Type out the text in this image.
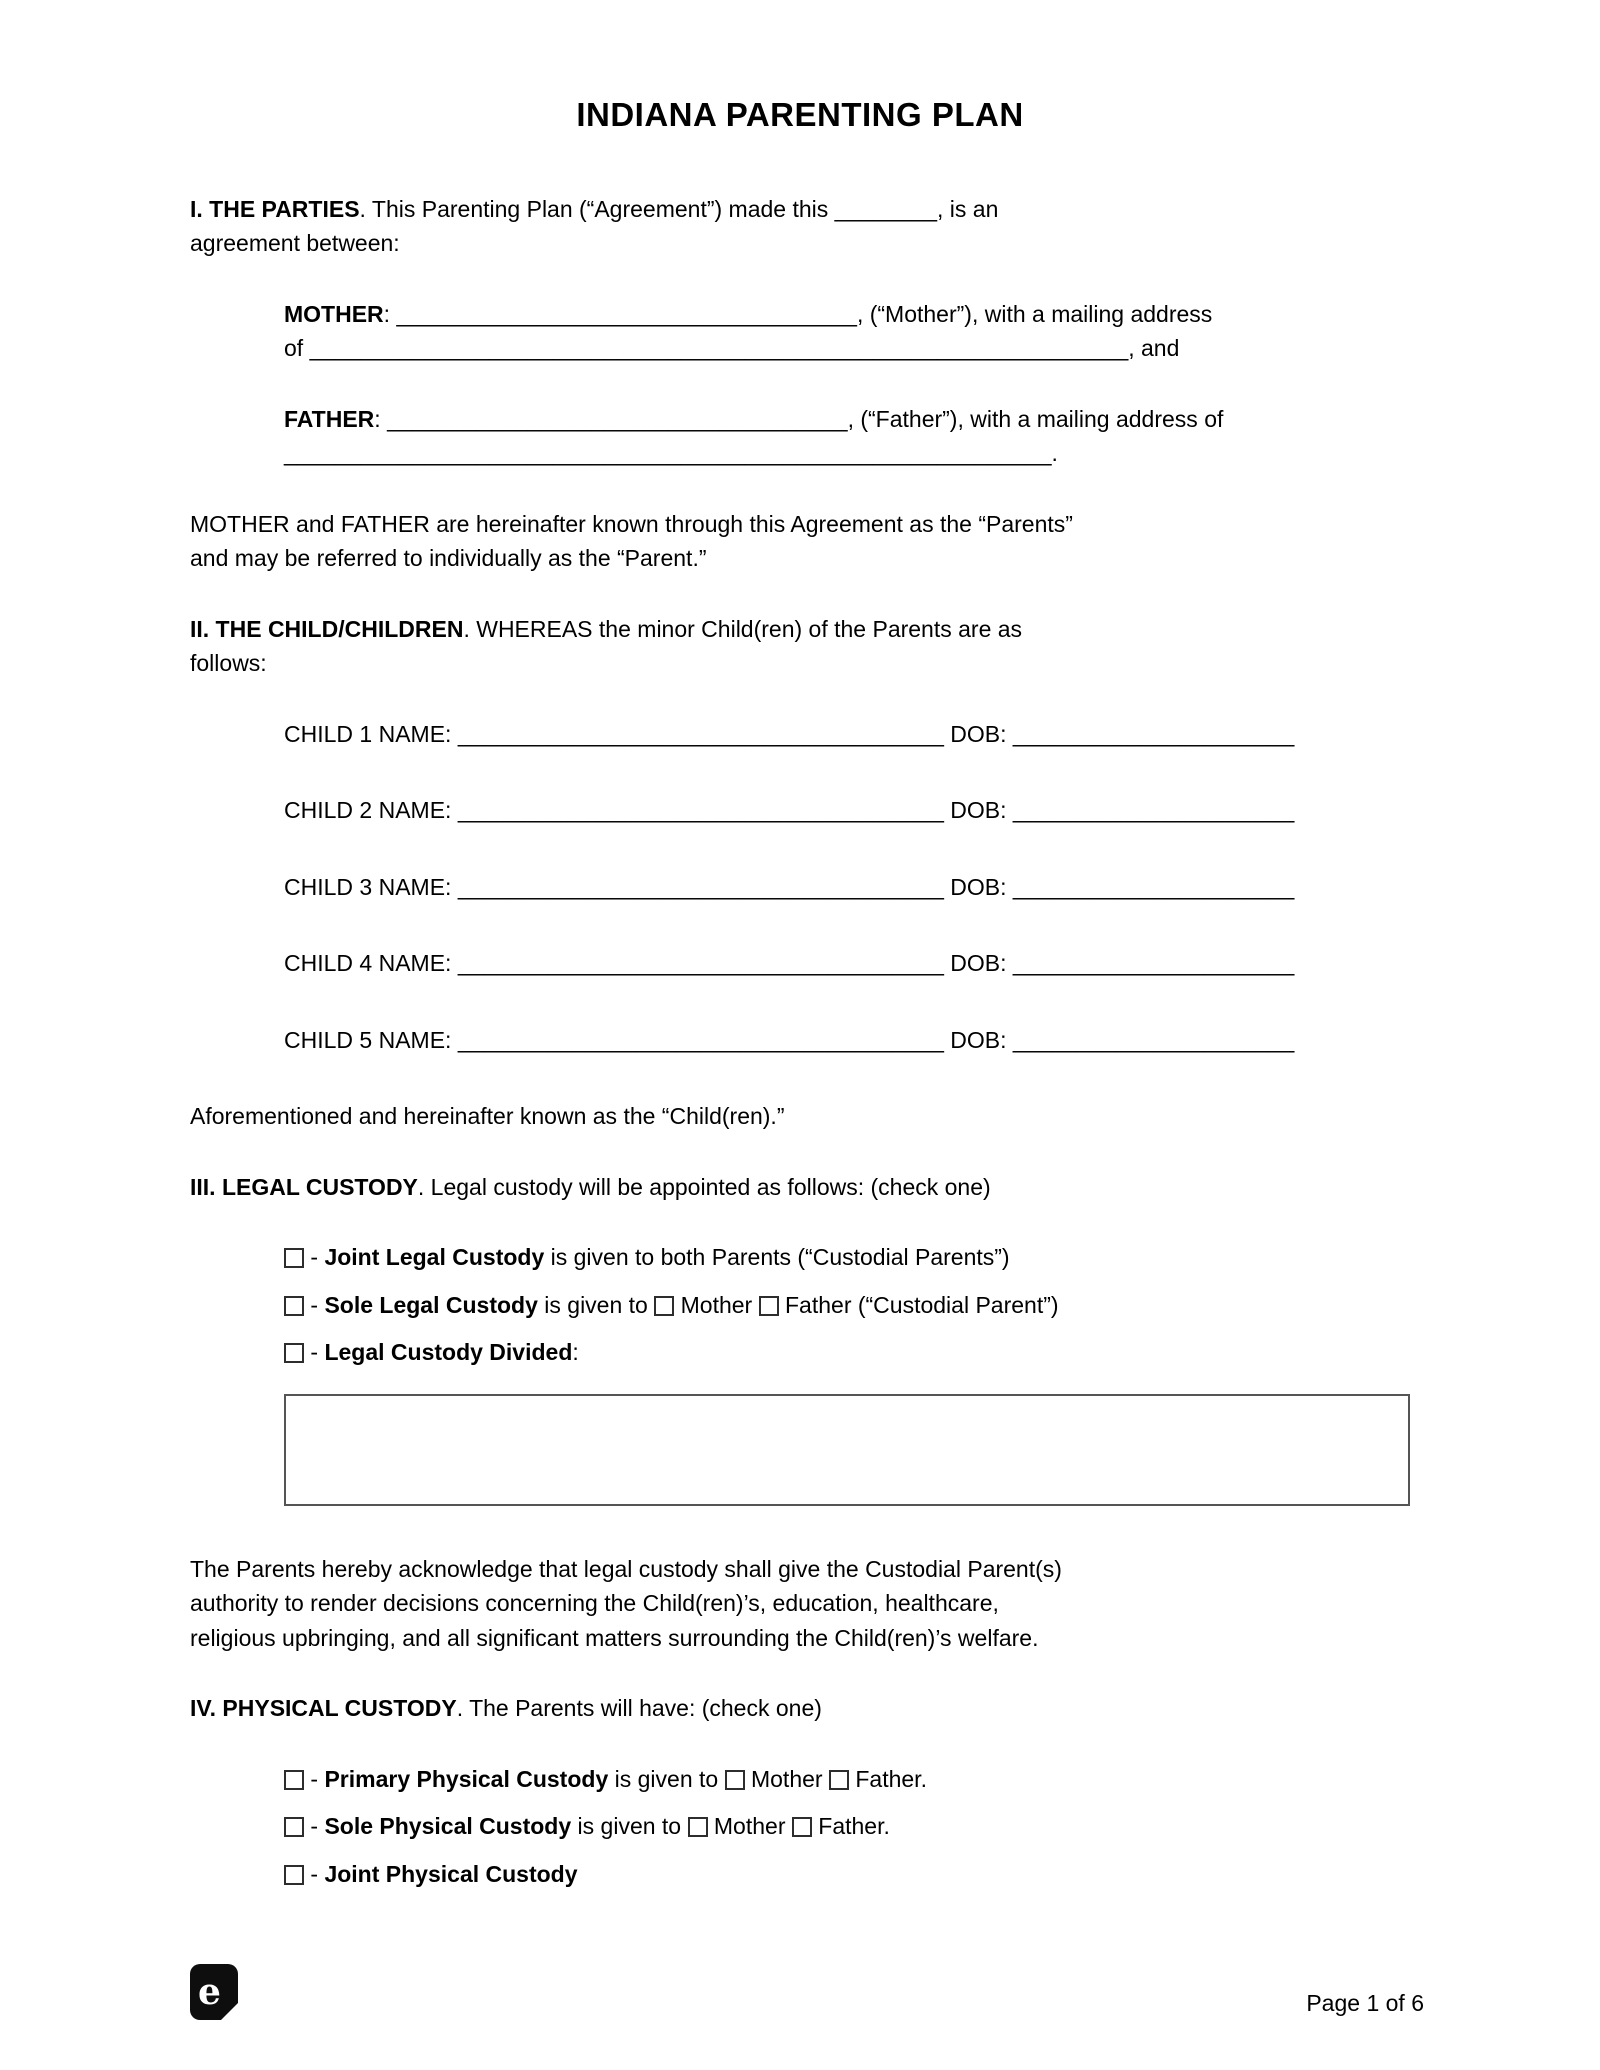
INDIANA PARENTING PLAN

I. THE PARTIES. This Parenting Plan (“Agreement”) made this ________, is an
agreement between:

MOTHER: ____________________________________, (“Mother”), with a mailing address
of ________________________________________________________________, and

FATHER: ____________________________________, (“Father”), with a mailing address of
____________________________________________________________.

MOTHER and FATHER are hereinafter known through this Agreement as the “Parents”
and may be referred to individually as the “Parent.”

II. THE CHILD/CHILDREN. WHEREAS the minor Child(ren) of the Parents are as
follows:

CHILD 1 NAME: ______________________________________ DOB: ______________________

CHILD 2 NAME: ______________________________________ DOB: ______________________

CHILD 3 NAME: ______________________________________ DOB: ______________________

CHILD 4 NAME: ______________________________________ DOB: ______________________

CHILD 5 NAME: ______________________________________ DOB: ______________________

Aforementioned and hereinafter known as the “Child(ren).”

III. LEGAL CUSTODY. Legal custody will be appointed as follows: (check one)

- Joint Legal Custody is given to both Parents (“Custodial Parents”)

- Sole Legal Custody is given to  Mother Father (“Custodial Parent”)

- Legal Custody Divided:

The Parents hereby acknowledge that legal custody shall give the Custodial Parent(s)
authority to render decisions concerning the Child(ren)’s, education, healthcare,
religious upbringing, and all significant matters surrounding the Child(ren)’s welfare.

IV. PHYSICAL CUSTODY. The Parents will have: (check one)

- Primary Physical Custody is given to  Mother Father.

- Sole Physical Custody is given to  Mother Father.

- Joint Physical Custody

e	Page 1 of 6
